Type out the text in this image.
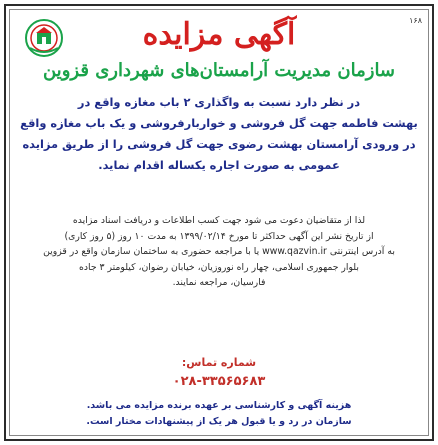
۱۶۸
آگهی مزایده
سازمان مدیریت آرامستان‌های شهرداری قزوین

در نظر دارد نسبت به واگذاری ۲ باب مغازه واقع در

بهشت فاطمه جهت گل فروشی و خواربارفروشی و یک باب مغازه واقع

در ورودی آرامستان بهشت رضوی جهت گل فروشی را از طریق مزایده

عمومی به صورت اجاره یکساله اقدام نماید.

لذا از متقاضیان دعوت می شود جهت کسب اطلاعات و دریافت اسناد مزایده

از تاریخ نشر این آگهی حداکثر تا مورخ ۱۳۹۹/۰۲/۱۴ به مدت ۱۰ روز (۵ روز کاری)

به آدرس اینترنتی www.qazvin.ir یا با مراجعه حضوری به ساختمان سازمان واقع در قزوین

بلوار جمهوری اسلامی، چهار راه نوروزیان، خیابان رضوان، کیلومتر ۳ جاده

فارسیان، مراجعه نمایند.

شماره تماس:
۰۲۸-۳۳۵۶۵۶۸۳

هزینه آگهی و کارشناسی بر عهده برنده مزایده می باشد.

سازمان در رد و یا قبول هر یک از پیشنهادات مختار است.
